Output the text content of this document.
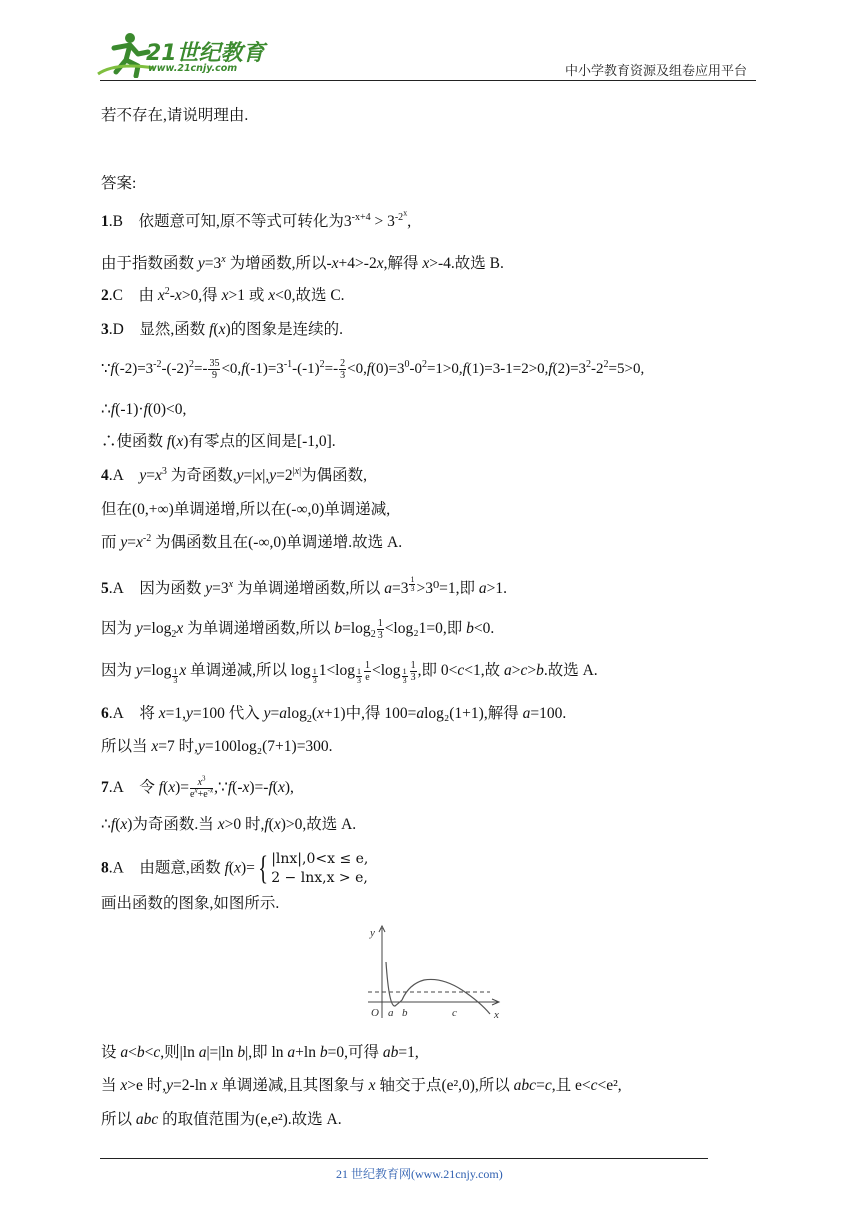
21世纪教育
www.21cnjy.com	中小学教育资源及组卷应用平台
若不存在,请说明理由.
答案:
1.B 依题意可知,原不等式可转化为$3^{-x+4} > 3^{-2^x}$,
由于指数函数 $y=3^x$ 为增函数,所以-x+4>-2x,解得 x>-4.故选 B.
2.C 由 $x^2-x>0$,得 x>1 或 x<0,故选 C.
3.D 显然,函数 f(x)的图象是连续的.
$\because f(-2)=3^{-2}-(-2)^2=- \frac{35}{9} <0,f(-1)=3^{-1}-(-1)^2=- \frac{2}{3} <0,f(0)=3^0-0^2=1>0,f(1)=3-1=2>0,f(2)=3^2-2^2=5>0$,
∴f(-1)·f(0)<0,
∴使函数 f(x)有零点的区间是[-1,0].
4.A $y=x^3$ 为奇函数$,y=|x|,y=2^{|x|}$为偶函数,
但在(0,+∞)单调递增,所以在(-∞,0)单调递减,
而 $y=x^{-2}$ 为偶函数且在(-∞,0)单调递增.故选 A.
5.A 因为函数 $y=3^x$ 为单调递增函数,所以 a=3 $^{\frac{1}{3}}$ >3⁰=1,即 a>1.
因为 $y=\log_2x$ 为单调递增函数,所以 $b=\log_2 \frac{1}{3} <\log_21=0$,即 b<0.
因为 y=log $_{\frac{1}{3}}$ x 单调递减,所以 log $_{\frac{1}{3}}$ 1<log $_{\frac{1}{3}} \frac{1}{e} <\log$ $_{\frac{1}{3}} \frac{1}{3}$ ,即 0<c<1,故 a>c>b.故选 A.
6.A 将 x=1,y=100 代入 y=alog$_2$(x+1)中,得 100=alog₂(1+1),解得 a=100.
所以当 x=7 时,y=100log₂(7+1)=300.
7.A 令 $f(x)= \frac{x^3}{e^x+e^{-x}}$ ,∵f(-x)=-f(x),
∴f(x)为奇函数.当 x>0 时,f(x)>0,故选 A.
8.A 由题意,函数 f(x)={ |lnx|,0<x ≤ e,
2 − lnx,x > e,
画出函数的图象,如图所示.
y
x
O a b	c
设 a<b<c,则|ln a|=|ln b|,即 ln a+ln b=0,可得 ab=1,
当 x>e 时,y=2-ln x 单调递减,且其图象与 x 轴交于点(e²,0),所以 abc=c,且 e<c<e²,
所以 abc 的取值范围为(e,e²).故选 A.
21 世纪教育网(www.21cnjy.com)
